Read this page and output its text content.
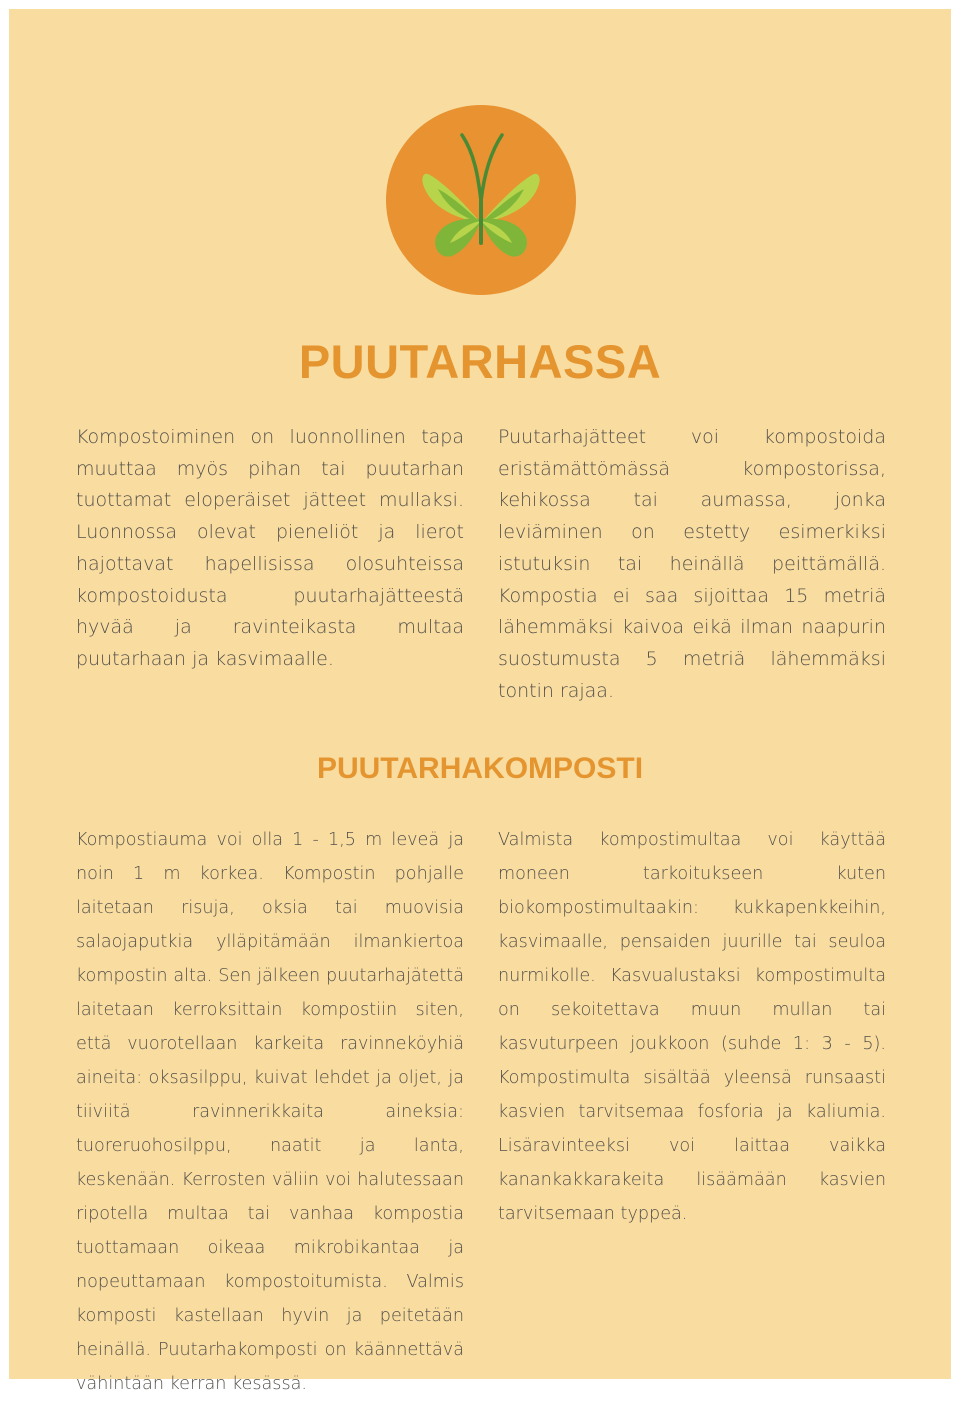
PUUTARHASSA

Kompostoiminen on luonnollinen tapa muuttaa myös pihan tai puutarhan tuottamat eloperäiset jätteet mullaksi. Luonnossa olevat pieneliöt ja lierot hajottavat hapellisissa olosuhteissa kompostoidusta puutarhajätteestä hyvää ja ravinteikasta multaa puutarhaan ja kasvimaalle.

Puutarhajätteet voi kompostoida eristämättömässä kompostorissa, kehikossa tai aumassa, jonka leviäminen on estetty esimerkiksi istutuksin tai heinällä peittämällä. Kompostia ei saa sijoittaa 15 metriä lähemmäksi kaivoa eikä ilman naapurin suostumusta 5 metriä lähemmäksi tontin rajaa.

PUUTARHAKOMPOSTI

Kompostiauma voi olla 1 - 1,5 m leveä ja noin 1 m korkea. Kompostin pohjalle laitetaan risuja, oksia tai muovisia salaojaputkia ylläpitämään ilmankiertoa kompostin alta. Sen jälkeen puutarhajätettä laitetaan kerroksittain kompostiin siten, että vuorotellaan karkeita ravinneköyhiä aineita: oksasilppu, kuivat lehdet ja oljet, ja tiiviitä ravinnerikkaita aineksia: tuoreruohosilppu, naatit ja lanta, keskenään. Kerrosten väliin voi halutessaan ripotella multaa tai vanhaa kompostia tuottamaan oikeaa mikrobikantaa ja nopeuttamaan kompostoitumista. Valmis komposti kastellaan hyvin ja peitetään heinällä. Puutarhakomposti on käännettävä vähintään kerran kesässä.

Valmista kompostimultaa voi käyttää moneen tarkoitukseen kuten biokompostimultaakin: kukkapenkkeihin, kasvimaalle, pensaiden juurille tai seuloa nurmikolle. Kasvualustaksi kompostimulta on sekoitettava muun mullan tai kasvuturpeen joukkoon (suhde 1: 3 - 5). Kompostimulta sisältää yleensä runsaasti kasvien tarvitsemaa fosforia ja kaliumia. Lisäravinteeksi voi laittaa vaikka kanankakkarakeita lisäämään kasvien tarvitsemaan typpeä.
